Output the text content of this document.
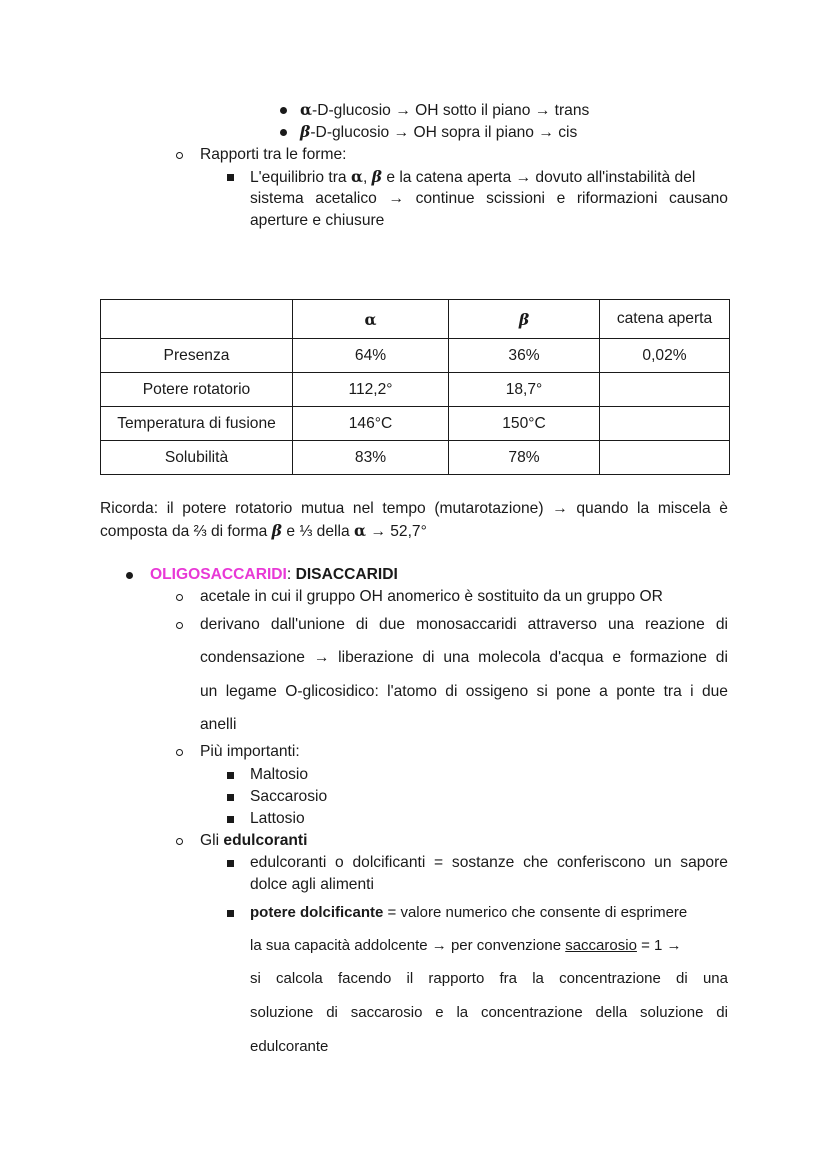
α-D-glucosio → OH sotto il piano → trans
β-D-glucosio → OH sopra il piano → cis
Rapporti tra le forme:
L'equilibrio tra α, β e la catena aperta → dovuto all'instabilità del
sistema acetalico → continue scissioni e riformazioni causano
aperture e chiusure
	α	β	catena aperta
Presenza	64%	36%	0,02%
Potere rotatorio	112,2°	18,7°	
Temperatura di fusione	146°C	150°C	
Solubilità	83%	78%	
Ricorda: il potere rotatorio mutua nel tempo (mutarotazione) → quando la miscela è
composta da ⅔ di forma β e ⅓ della α → 52,7°
OLIGOSACCARIDI: DISACCARIDI
acetale in cui il gruppo OH anomerico è sostituito da un gruppo OR
derivano dall'unione di due monosaccaridi attraverso una reazione di
condensazione → liberazione di una molecola d'acqua e formazione di
un legame O-glicosidico: l'atomo di ossigeno si pone a ponte tra i due
anelli
Più importanti:
Maltosio
Saccarosio
Lattosio
Gli edulcoranti
edulcoranti o dolcificanti = sostanze che conferiscono un sapore
dolce agli alimenti
potere dolcificante = valore numerico che consente di esprimere
la sua capacità addolcente → per convenzione saccarosio = 1 →
si calcola facendo il rapporto fra la concentrazione di una
soluzione di saccarosio e la concentrazione della soluzione di
edulcorante
